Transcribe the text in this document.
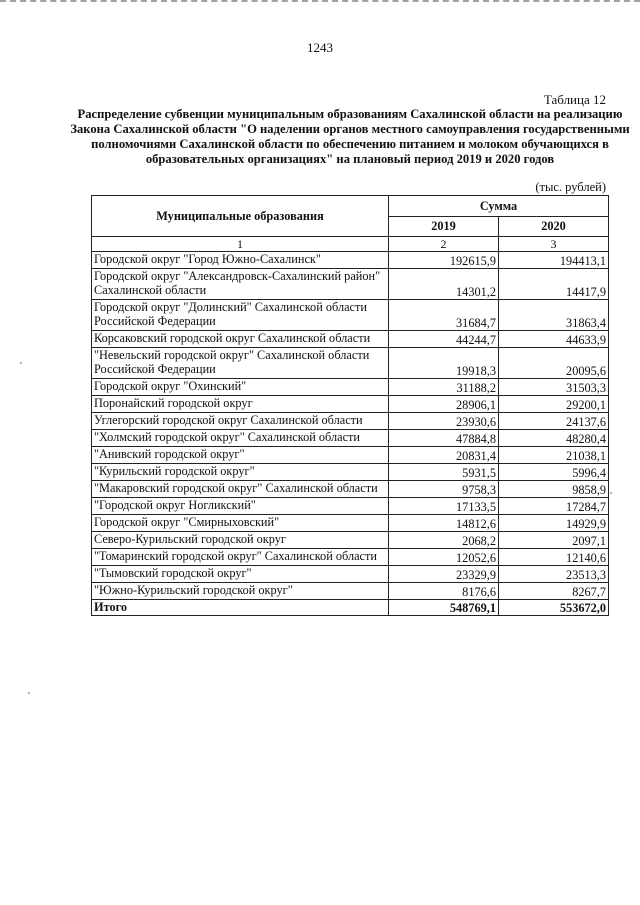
1243
Таблица 12
Распределение субвенции муниципальным образованиям Сахалинской области на реализацию Закона Сахалинской области "О наделении органов местного самоуправления государственными полномочиями Сахалинской области по обеспечению питанием и молоком обучающихся в образовательных организациях" на плановый период 2019 и 2020 годов
(тыс. рублей)
Муниципальные образования	Сумма	
	2019	2020
1	2	3
Городской округ "Город Южно-Сахалинск"	192615,9	194413,1
Городской округ "Александровск-Сахалинский район" Сахалинской области	14301,2	14417,9
Городской округ "Долинский" Сахалинской области Российской Федерации	31684,7	31863,4
Корсаковский городской округ Сахалинской области	44244,7	44633,9
"Невельский городской округ" Сахалинской области Российской Федерации	19918,3	20095,6
Городской округ "Охинский"	31188,2	31503,3
Поронайский городской округ	28906,1	29200,1
Углегорский городской округ Сахалинской области	23930,6	24137,6
"Холмский городской округ" Сахалинской области	47884,8	48280,4
"Анивский городской округ"	20831,4	21038,1
"Курильский городской округ"	5931,5	5996,4
"Макаровский городской округ" Сахалинской области	9758,3	9858,9
"Городской округ Ногликский"	17133,5	17284,7
Городской округ "Смирныховский"	14812,6	14929,9
Северо-Курильский городской округ	2068,2	2097,1
"Томаринский городской округ" Сахалинской области	12052,6	12140,6
"Тымовский городской округ"	23329,9	23513,3
"Южно-Курильский городской округ"	8176,6	8267,7
Итого	548769,1	553672,0
